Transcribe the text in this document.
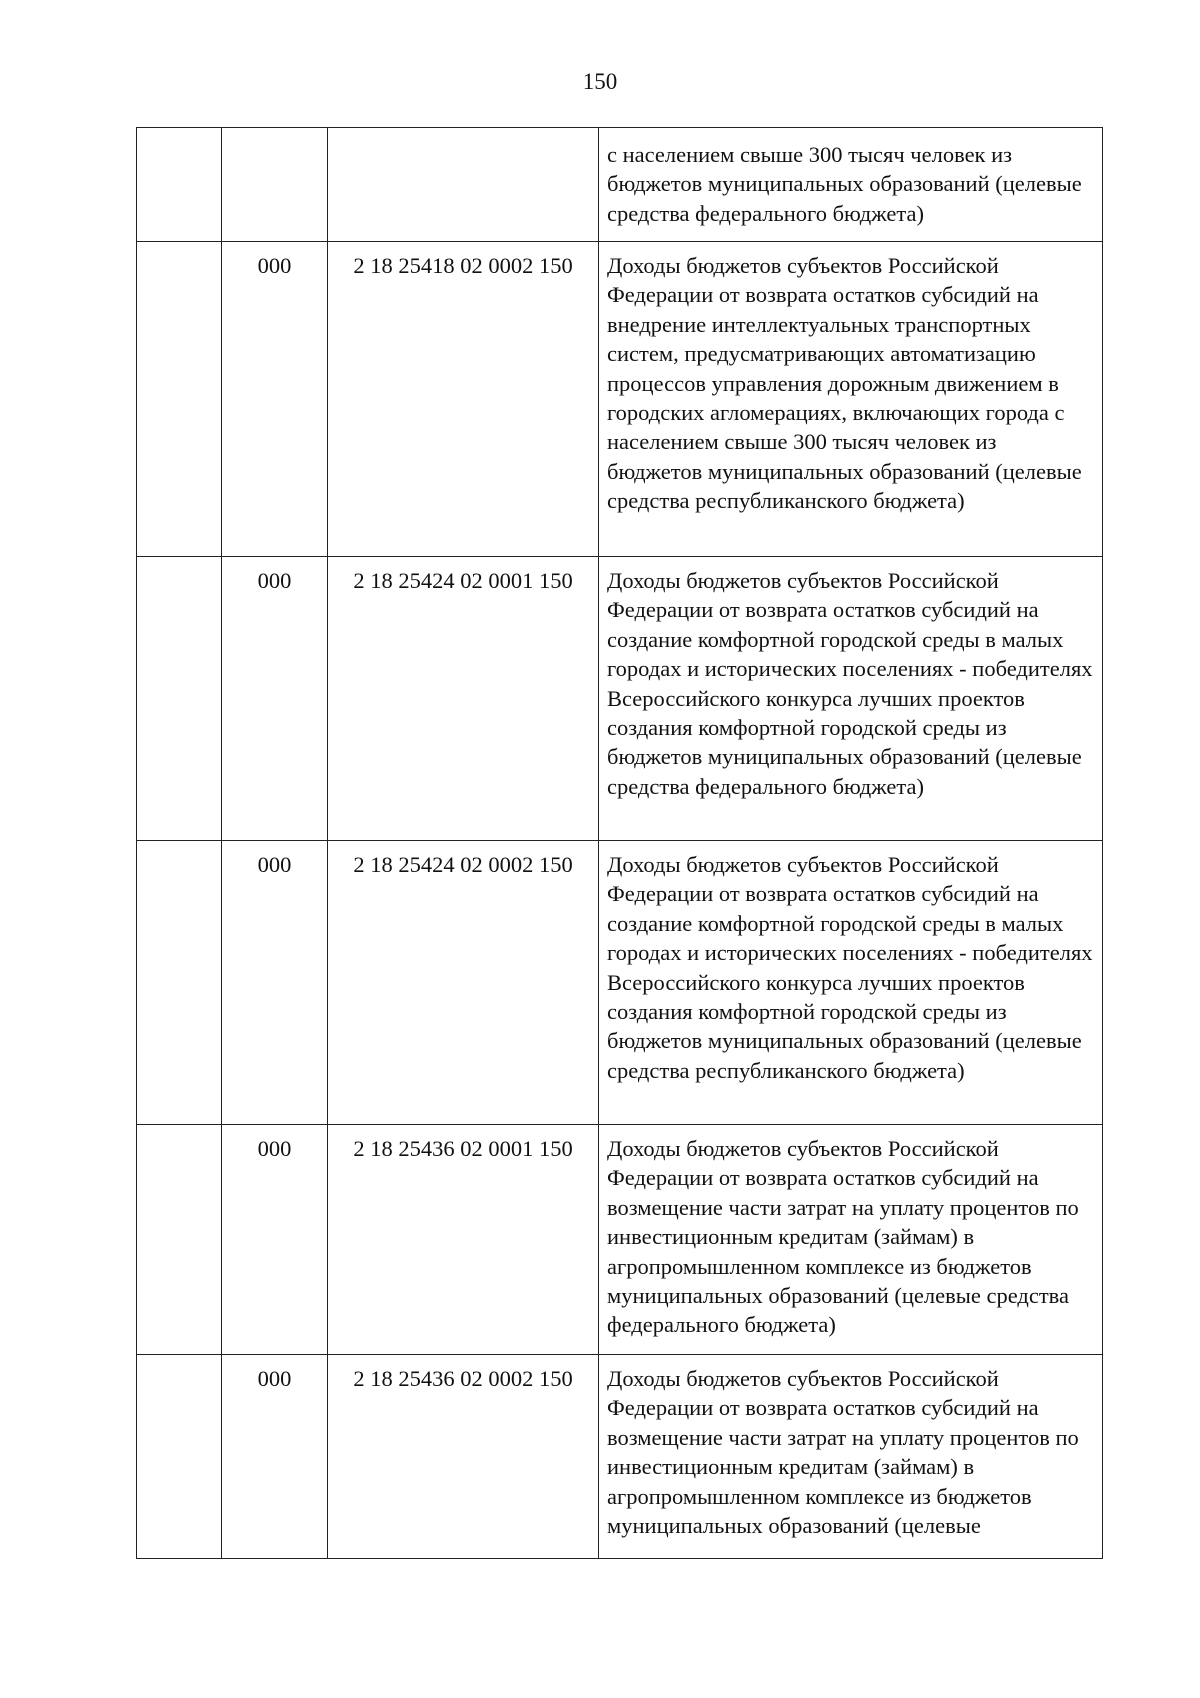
150
			с населением свыше 300 тысяч человек из бюджетов муниципальных образований (целевые средства федерального бюджета)
	000	2 18 25418 02 0002 150	Доходы бюджетов субъектов Российской Федерации от возврата остатков субсидий на внедрение интеллектуальных транспортных систем, предусматривающих автоматизацию процессов управления дорожным движением в городских агломерациях, включающих города с населением свыше 300 тысяч человек из бюджетов муниципальных образований (целевые средства республиканского бюджета)
	000	2 18 25424 02 0001 150	Доходы бюджетов субъектов Российской Федерации от возврата остатков субсидий на создание комфортной городской среды в малых городах и исторических поселениях - победителях Всероссийского конкурса лучших проектов создания комфортной городской среды из бюджетов муниципальных образований (целевые средства федерального бюджета)
	000	2 18 25424 02 0002 150	Доходы бюджетов субъектов Российской Федерации от возврата остатков субсидий на создание комфортной городской среды в малых городах и исторических поселениях - победителях Всероссийского конкурса лучших проектов создания комфортной городской среды из бюджетов муниципальных образований (целевые средства республиканского бюджета)
	000	2 18 25436 02 0001 150	Доходы бюджетов субъектов Российской Федерации от возврата остатков субсидий на возмещение части затрат на уплату процентов по инвестиционным кредитам (займам) в агропромышленном комплексе из бюджетов муниципальных образований (целевые средства федерального бюджета)
	000	2 18 25436 02 0002 150	Доходы бюджетов субъектов Российской Федерации от возврата остатков субсидий на возмещение части затрат на уплату процентов по инвестиционным кредитам (займам) в агропромышленном комплексе из бюджетов муниципальных образований (целевые
